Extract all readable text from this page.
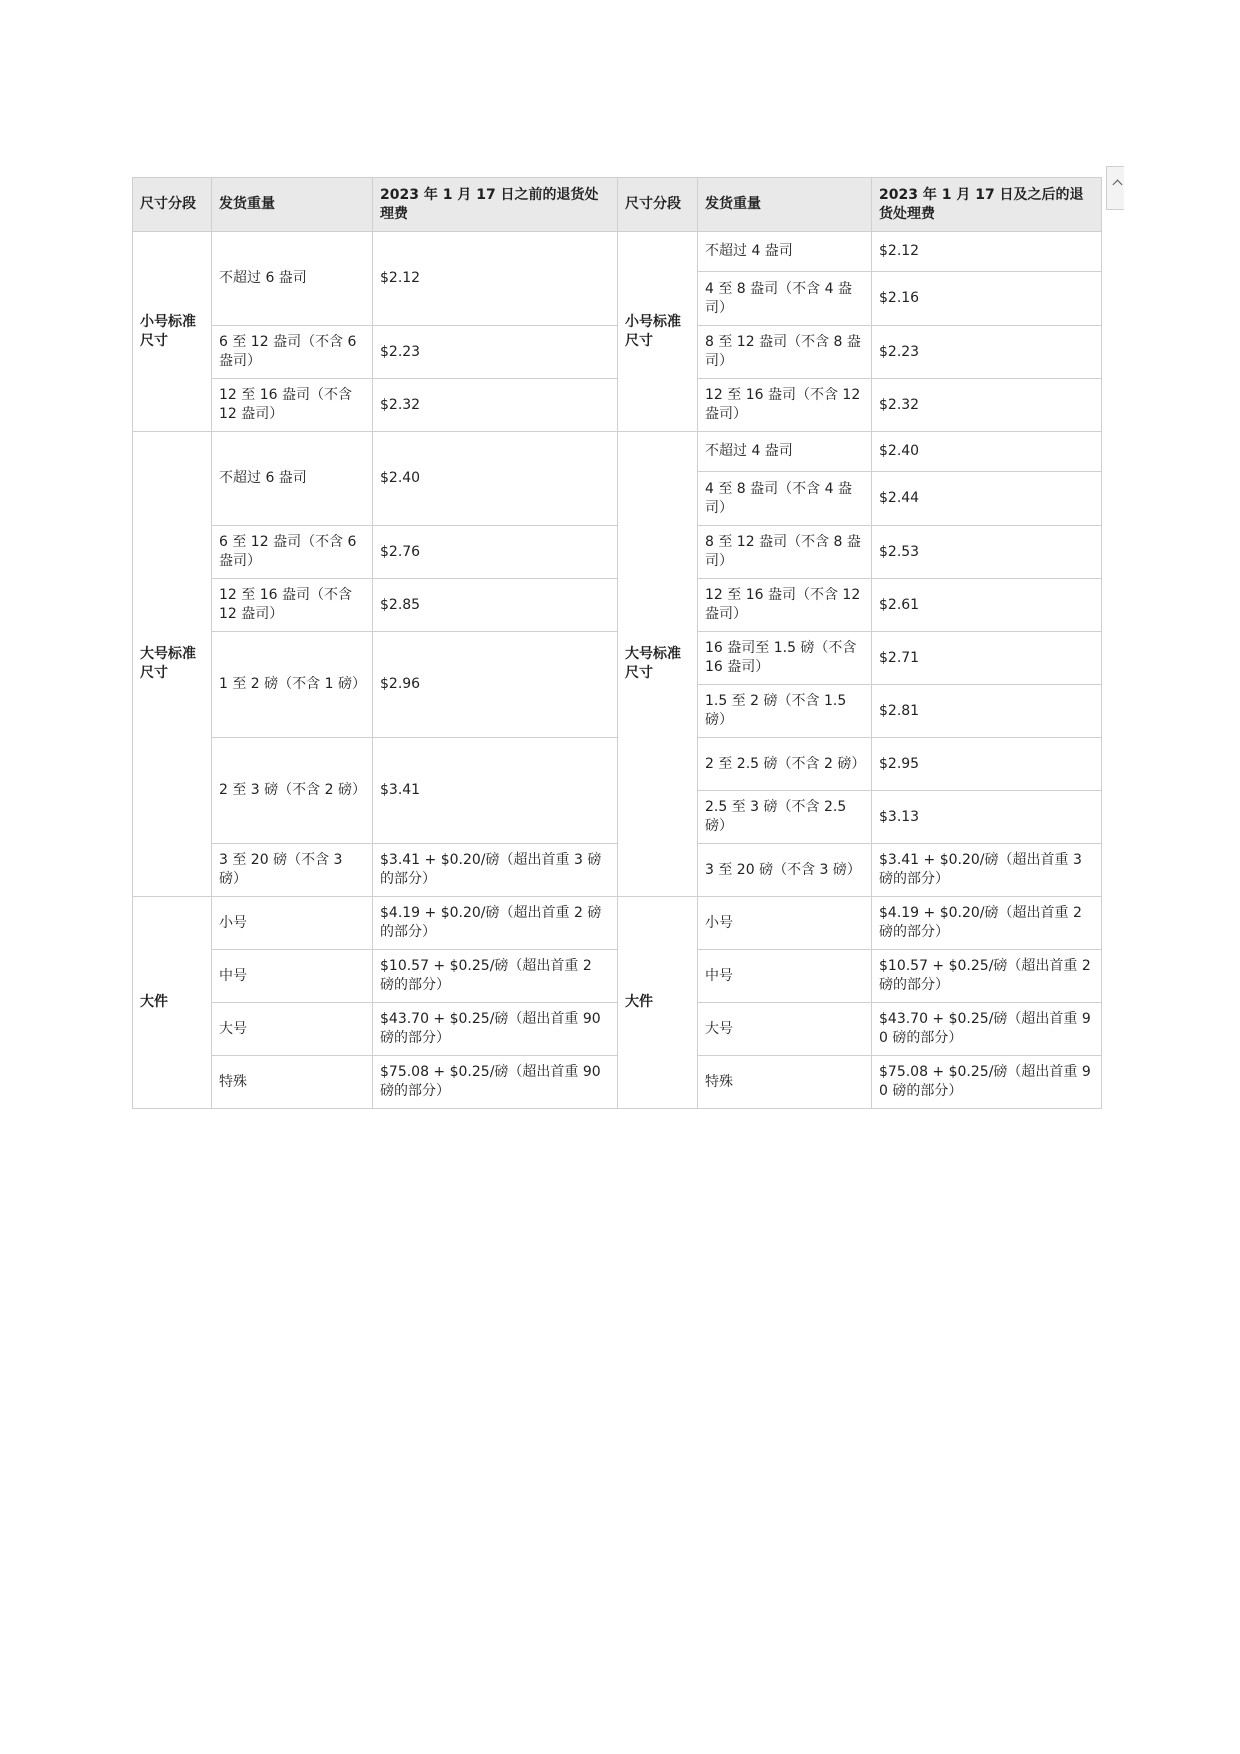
尺寸分段	发货重量	2023 年 1 月 17 日之前的退货处理费	尺寸分段	发货重量	2023 年 1 月 17 日及之后的退货处理费
小号标准尺寸	不超过 6 盎司	$2.12	小号标准尺寸	不超过 4 盎司	$2.12
				4 至 8 盎司（不含 4 盎司）	$2.16
	6 至 12 盎司（不含 6 盎司）	$2.23		8 至 12 盎司（不含 8 盎司）	$2.23
	12 至 16 盎司（不含 12 盎司）	$2.32		12 至 16 盎司（不含 12 盎司）	$2.32
大号标准尺寸	不超过 6 盎司	$2.40	大号标准尺寸	不超过 4 盎司	$2.40
				4 至 8 盎司（不含 4 盎司）	$2.44
	6 至 12 盎司（不含 6 盎司）	$2.76		8 至 12 盎司（不含 8 盎司）	$2.53
	12 至 16 盎司（不含 12 盎司）	$2.85		12 至 16 盎司（不含 12 盎司）	$2.61
	1 至 2 磅（不含 1 磅）	$2.96		16 盎司至 1.5 磅（不含 16 盎司）	$2.71
				1.5 至 2 磅（不含 1.5 磅）	$2.81
	2 至 3 磅（不含 2 磅）	$3.41		2 至 2.5 磅（不含 2 磅）	$2.95
				2.5 至 3 磅（不含 2.5 磅）	$3.13
	3 至 20 磅（不含 3 磅）	$3.41 + $0.20/磅（超出首重 3 磅的部分）		3 至 20 磅（不含 3 磅）	$3.41 + $0.20/磅（超出首重 3 磅的部分）
大件	小号	$4.19 + $0.20/磅（超出首重 2 磅的部分）	大件	小号	$4.19 + $0.20/磅（超出首重 2 磅的部分）
	中号	$10.57 + $0.25/磅（超出首重 2 磅的部分）		中号	$10.57 + $0.25/磅（超出首重 2 磅的部分）
	大号	$43.70 + $0.25/磅（超出首重 90 磅的部分）		大号	$43.70 + $0.25/磅（超出首重 90 磅的部分）
	特殊	$75.08 + $0.25/磅（超出首重 90 磅的部分）		特殊	$75.08 + $0.25/磅（超出首重 90 磅的部分）
